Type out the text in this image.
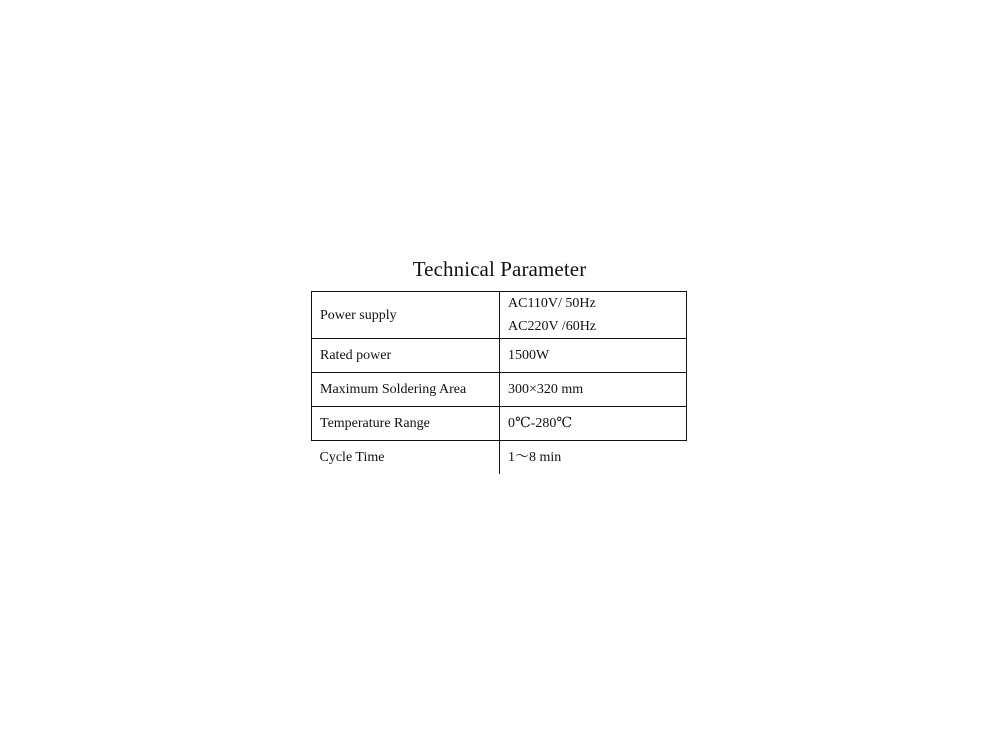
Technical Parameter
Power supply	AC110V/ 50Hz
AC220V /60Hz

Rated power	1500W
Maximum Soldering Area	300×320 mm
Temperature Range	0℃-280℃
Cycle Time	1～8 min
